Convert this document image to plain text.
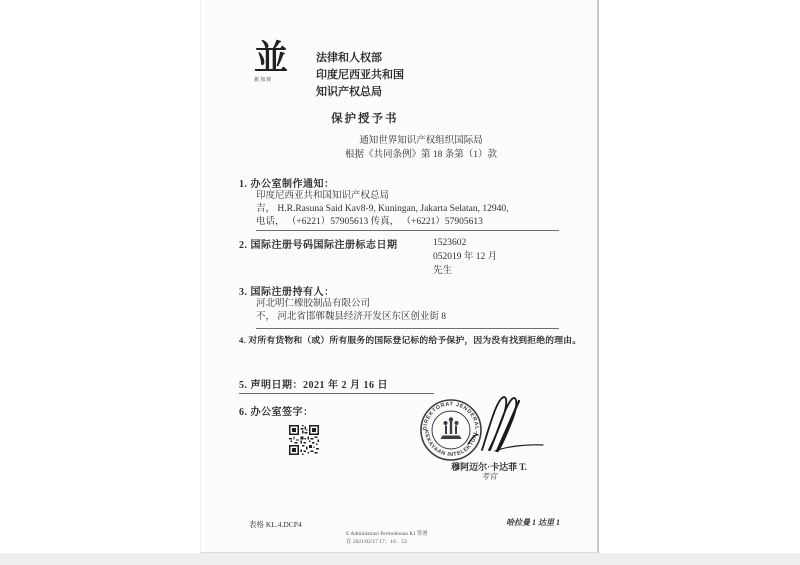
並
新加坡
法律和人权部
印度尼西亚共和国
知识产权总局
保护授予书
通知世界知识产权组织国际局
根据《共同条例》第 18 条第（1）款
1. 办公室制作通知：
印度尼西亚共和国知识产权总局
吉， H.R.Rasuna Said Kav8-9, Kuningan, Jakarta Selatan, 12940,
电话， （+6221）57905613 传真， （+6221）57905613
2. 国际注册号码国际注册标志日期	1523602
052019 年 12 月
先生
3. 国际注册持有人：
河北明仁橡胶制品有限公司
不， 河北省邯郸魏县经济开发区东区创业街 8
4. 对所有货物和（或）所有服务的国际登记标的给予保护，因为没有找到拒绝的理由。
5. 声明日期：2021 年 2 月 16 日
6. 办公室签字：
DIREKTORAT JENDERAL
KEKAYAAN INTELEKTUAL
穆阿迈尔·卡达菲 T.
考官
表格 KL.4.DCP4	哈拉曼 1 达里 1
E Administrasi Permohonan KI 签署
在 2021/02/17 17：16：53
